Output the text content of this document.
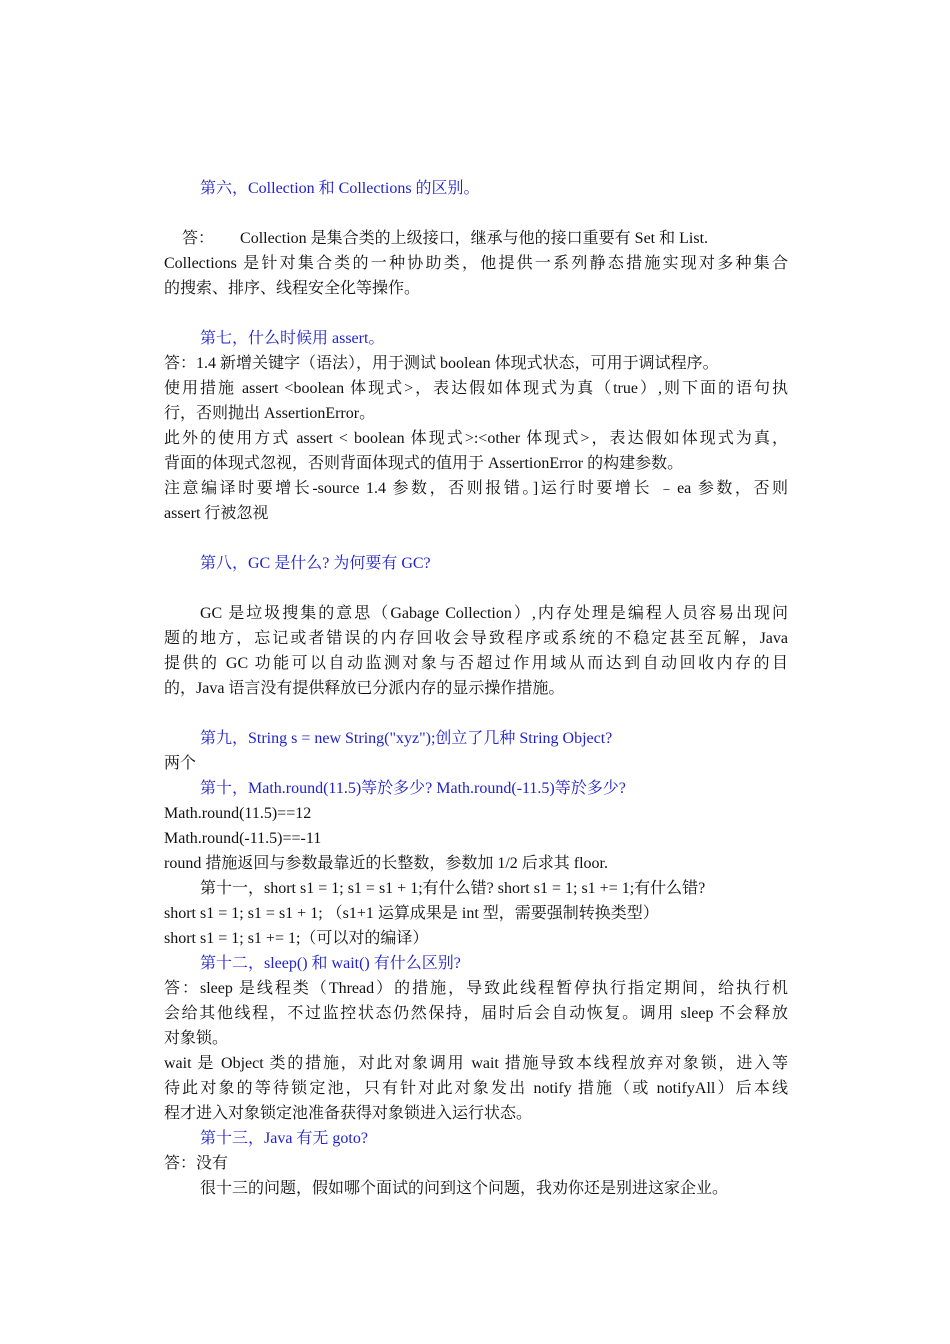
第六，Collection 和 Collections 的区别。
答： Collection 是集合类的上级接口，继承与他的接口重要有 Set 和 List.
Collections 是针对集合类的一种协助类，他提供一系列静态措施实现对多种集合
的搜索、排序、线程安全化等操作。
第七，什么时候用 assert。
答：1.4 新增关键字（语法），用于测试 boolean 体现式状态，可用于调试程序。
使用措施 assert <boolean 体现式>，表达假如体现式为真（true）,则下面的语句执
行，否则抛出 AssertionError。
此外的使用方式 assert < boolean 体现式>:<other 体现式>，表达假如体现式为真，
背面的体现式忽视，否则背面体现式的值用于 AssertionError 的构建参数。
注意编译时要增长-source 1.4 参数，否则报错。]运行时要增长 ﹣ea 参数，否则
assert 行被忽视
第八，GC 是什么? 为何要有 GC?
GC 是垃圾搜集的意思（Gabage Collection）,内存处理是编程人员容易出现问
题的地方，忘记或者错误的内存回收会导致程序或系统的不稳定甚至瓦解，Java
提供的 GC 功能可以自动监测对象与否超过作用域从而达到自动回收内存的目
的，Java 语言没有提供释放已分派内存的显示操作措施。
第九，String s = new String("xyz");创立了几种 String Object?
两个
第十，Math.round(11.5)等於多少? Math.round(-11.5)等於多少?
Math.round(11.5)==12
Math.round(-11.5)==-11
round 措施返回与参数最靠近的长整数，参数加 1/2 后求其 floor.
第十一，short s1 = 1; s1 = s1 + 1;有什么错? short s1 = 1; s1 += 1;有什么错?
short s1 = 1; s1 = s1 + 1; （s1+1 运算成果是 int 型，需要强制转换类型）
short s1 = 1; s1 += 1;（可以对的编译）
第十二，sleep() 和 wait() 有什么区别?
答：sleep 是线程类（Thread）的措施，导致此线程暂停执行指定期间，给执行机
会给其他线程，不过监控状态仍然保持，届时后会自动恢复。调用 sleep 不会释放
对象锁。
wait 是 Object 类的措施，对此对象调用 wait 措施导致本线程放弃对象锁，进入等
待此对象的等待锁定池，只有针对此对象发出 notify 措施（或 notifyAll）后本线
程才进入对象锁定池准备获得对象锁进入运行状态。
第十三，Java 有无 goto?
答：没有
很十三的问题，假如哪个面试的问到这个问题，我劝你还是别进这家企业。
